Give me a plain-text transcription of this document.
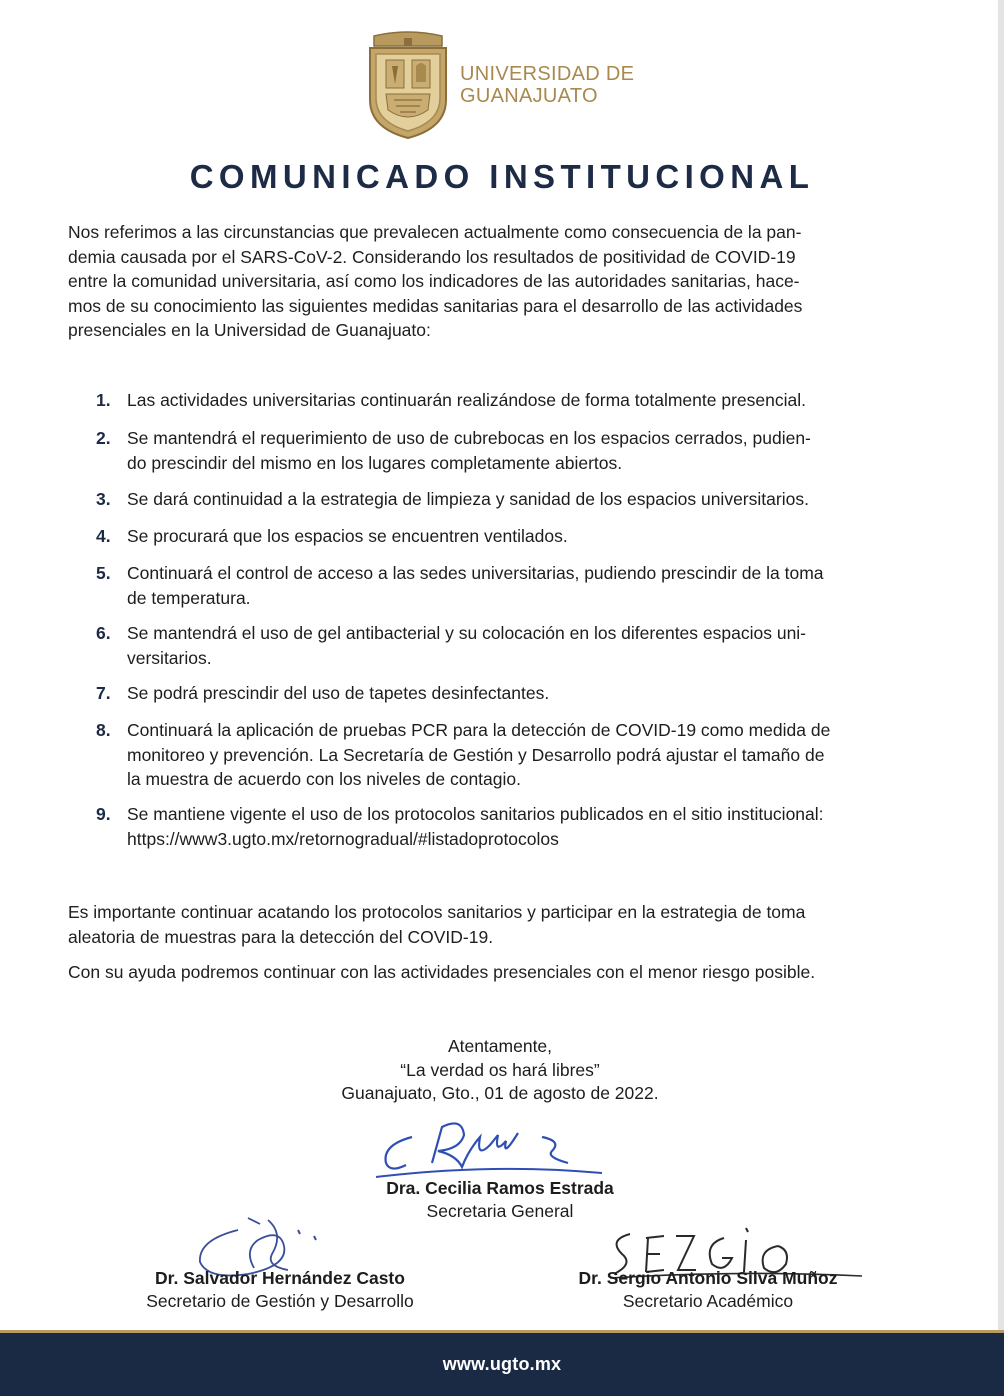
UNIVERSIDAD DE
GUANAJUATO
COMUNICADO INSTITUCIONAL
Nos referimos a las circunstancias que prevalecen actualmente como consecuencia de la pan-
demia causada por el SARS-CoV-2. Considerando los resultados de positividad de COVID-19
entre la comunidad universitaria, así como los indicadores de las autoridades sanitarias, hace-
mos de su conocimiento las siguientes medidas sanitarias para el desarrollo de las actividades
presenciales en la Universidad de Guanajuato:
1. Las actividades universitarias continuarán realizándose de forma totalmente presencial.
2. Se mantendrá el requerimiento de uso de cubrebocas en los espacios cerrados, pudien-
do prescindir del mismo en los lugares completamente abiertos.
3. Se dará continuidad a la estrategia de limpieza y sanidad de los espacios universitarios.
4. Se procurará que los espacios se encuentren ventilados.
5. Continuará el control de acceso a las sedes universitarias, pudiendo prescindir de la toma
de temperatura.
6. Se mantendrá el uso de gel antibacterial y su colocación en los diferentes espacios uni-
versitarios.
7. Se podrá prescindir del uso de tapetes desinfectantes.
8. Continuará la aplicación de pruebas PCR para la detección de COVID-19 como medida de
monitoreo y prevención. La Secretaría de Gestión y Desarrollo podrá ajustar el tamaño de
la muestra de acuerdo con los niveles de contagio.
9. Se mantiene vigente el uso de los protocolos sanitarios publicados en el sitio institucional:
https://www3.ugto.mx/retornogradual/#listadoprotocolos
Es importante continuar acatando los protocolos sanitarios y participar en la estrategia de toma
aleatoria de muestras para la detección del COVID-19.
Con su ayuda podremos continuar con las actividades presenciales con el menor riesgo posible.
Atentamente,
“La verdad os hará libres”
Guanajuato, Gto., 01 de agosto de 2022.
Dra. Cecilia Ramos Estrada
Secretaria General
Dr. Salvador Hernández Casto
Secretario de Gestión y Desarrollo
Dr. Sergio Antonio Silva Muñoz
Secretario Académico
www.ugto.mx
